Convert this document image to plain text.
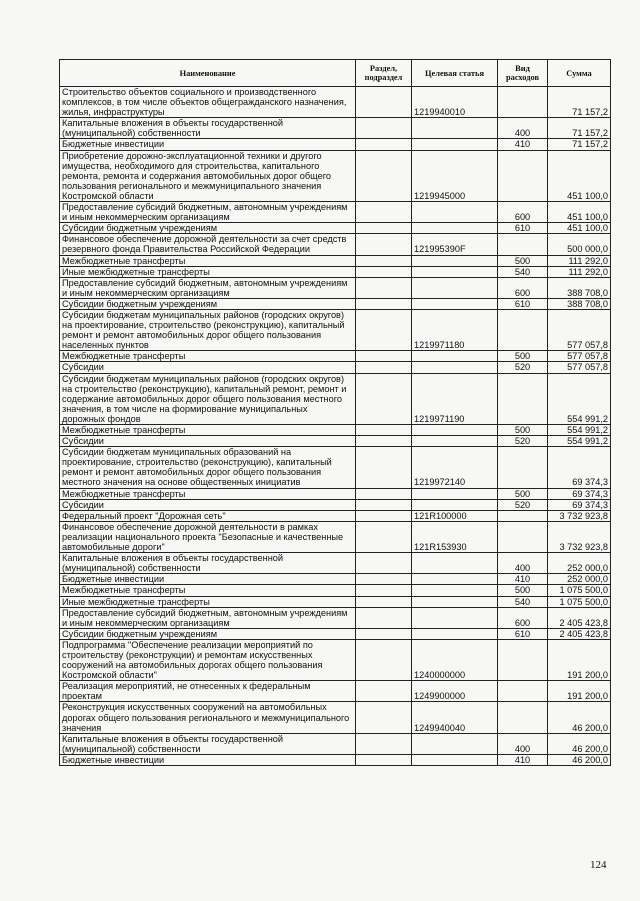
Наименование	Раздел, подраздел	Целевая статья	Вид расходов	Сумма
Строительство объектов социального и производственного комплексов, в том числе объектов общегражданского назначения, жилья, инфраструктуры		1219940010		71 157,2
Капитальные вложения в объекты государственной (муниципальной) собственности			400	71 157,2
Бюджетные инвестиции			410	71 157,2
Приобретение дорожно-эксплуатационной техники и другого имущества, необходимого для строительства, капитального ремонта, ремонта и содержания автомобильных дорог общего пользования регионального и межмуниципального значения Костромской области		1219945000		451 100,0
Предоставление субсидий бюджетным, автономным учреждениям и иным некоммерческим организациям			600	451 100,0
Субсидии бюджетным учреждениям			610	451 100,0
Финансовое обеспечение дорожной деятельности за счет средств резервного фонда Правительства Российской Федерации		121995390F		500 000,0
Межбюджетные трансферты			500	111 292,0
Иные межбюджетные трансферты			540	111 292,0
Предоставление субсидий бюджетным, автономным учреждениям и иным некоммерческим организациям			600	388 708,0
Субсидии бюджетным учреждениям			610	388 708,0
Субсидии бюджетам муниципальных районов (городских округов) на проектирование, строительство (реконструкцию), капитальный ремонт и ремонт автомобильных дорог общего пользования населенных пунктов		1219971180		577 057,8
Межбюджетные трансферты			500	577 057,8
Субсидии			520	577 057,8
Субсидии бюджетам муниципальных районов (городских округов) на строительство (реконструкцию), капитальный ремонт, ремонт и содержание автомобильных дорог общего пользования местного значения, в том числе на формирование муниципальных дорожных фондов		1219971190		554 991,2
Межбюджетные трансферты			500	554 991,2
Субсидии			520	554 991,2
Субсидии бюджетам муниципальных образований на проектирование, строительство (реконструкцию), капитальный ремонт и ремонт автомобильных дорог общего пользования местного значения на основе общественных инициатив		1219972140		69 374,3
Межбюджетные трансферты			500	69 374,3
Субсидии			520	69 374,3
Федеральный проект "Дорожная сеть"		121R100000		3 732 923,8
Финансовое обеспечение дорожной деятельности в рамках реализации национального проекта "Безопасные и качественные автомобильные дороги"		121R153930		3 732 923,8
Капитальные вложения в объекты государственной (муниципальной) собственности			400	252 000,0
Бюджетные инвестиции			410	252 000,0
Межбюджетные трансферты			500	1 075 500,0
Иные межбюджетные трансферты			540	1 075 500,0
Предоставление субсидий бюджетным, автономным учреждениям и иным некоммерческим организациям			600	2 405 423,8
Субсидии бюджетным учреждениям			610	2 405 423,8
Подпрограмма "Обеспечение реализации мероприятий по строительству (реконструкции) и ремонтам искусственных сооружений на автомобильных дорогах общего пользования Костромской области"		1240000000		191 200,0
Реализация мероприятий, не отнесенных к федеральным проектам		1249900000		191 200,0
Реконструкция искусственных сооружений на автомобильных дорогах общего пользования регионального и межмуниципального значения		1249940040		46 200,0
Капитальные вложения в объекты государственной (муниципальной) собственности			400	46 200,0
Бюджетные инвестиции			410	46 200,0
124
